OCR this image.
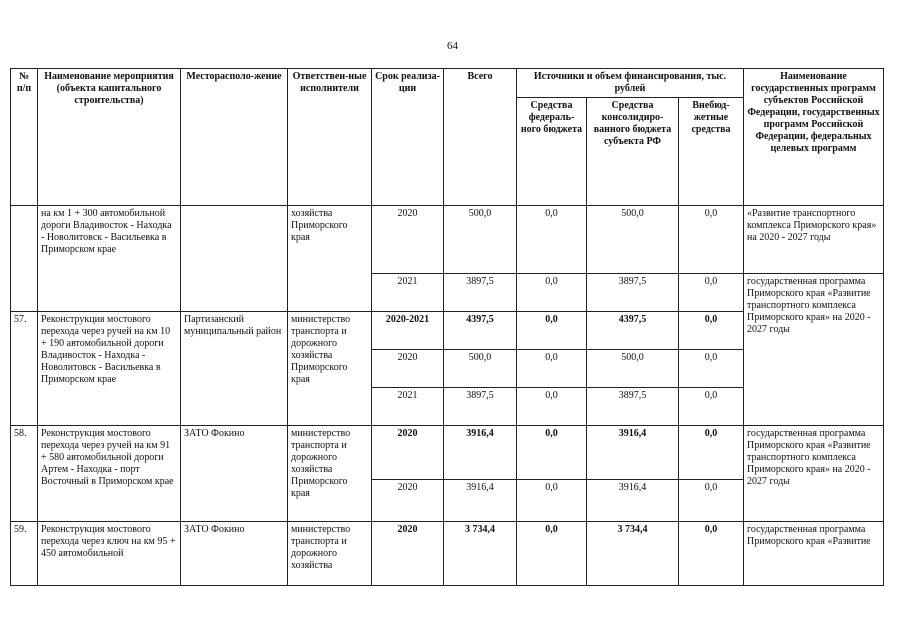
64
№ п/п	Наименование мероприятия (объекта капитального строительства)	Месторасполо-жение	Ответствен-ные исполнители	Срок реализа-ции	Всего	Источники и объем финансирования, тыс. рублей			Наименование государственных программ субъектов Российской Федерации, государственных программ Российской Федерации, федеральных целевых программ
						Средства федераль-ного бюджета	Средства консолидиро-ванного бюджета субъекта РФ	Внебюд-жетные средства	
	на км 1 + 300 автомобильной дороги Владивосток - Находка - Новолитовск - Васильевка в Приморском крае		хозяйства Приморского края	2020	500,0	0,0	500,0	0,0	«Развитие транспортного комплекса Приморского края» на 2020 - 2027 годы
				2021	3897,5	0,0	3897,5	0,0	государственная программа Приморского края «Развитие транспортного комплекса Приморского края» на 2020 - 2027 годы
57.	Реконструкция мостового перехода через ручей на км 10 + 190 автомобильной дороги Владивосток - Находка - Новолитовск - Васильевка в Приморском крае	Партизанский муниципальный район	министерство транспорта и дорожного хозяйства Приморского края	2020-2021	4397,5	0,0	4397,5	0,0	
				2020	500,0	0,0	500,0	0,0	
				2021	3897,5	0,0	3897,5	0,0	
58.	Реконструкция мостового перехода через ручей на км 91 + 580 автомобильной дороги Артем - Находка - порт Восточный в Приморском крае	ЗАТО Фокино	министерство транспорта и дорожного хозяйства Приморского края	2020	3916,4	0,0	3916,4	0,0	государственная программа Приморского края «Развитие транспортного комплекса Приморского края» на 2020 - 2027 годы
				2020	3916,4	0,0	3916,4	0,0	
59.	Реконструкция мостового перехода через ключ на км 95 + 450 автомобильной	ЗАТО Фокино	министерство транспорта и дорожного хозяйства	2020	3 734,4	0,0	3 734,4	0,0	государственная программа Приморского края «Развитие
